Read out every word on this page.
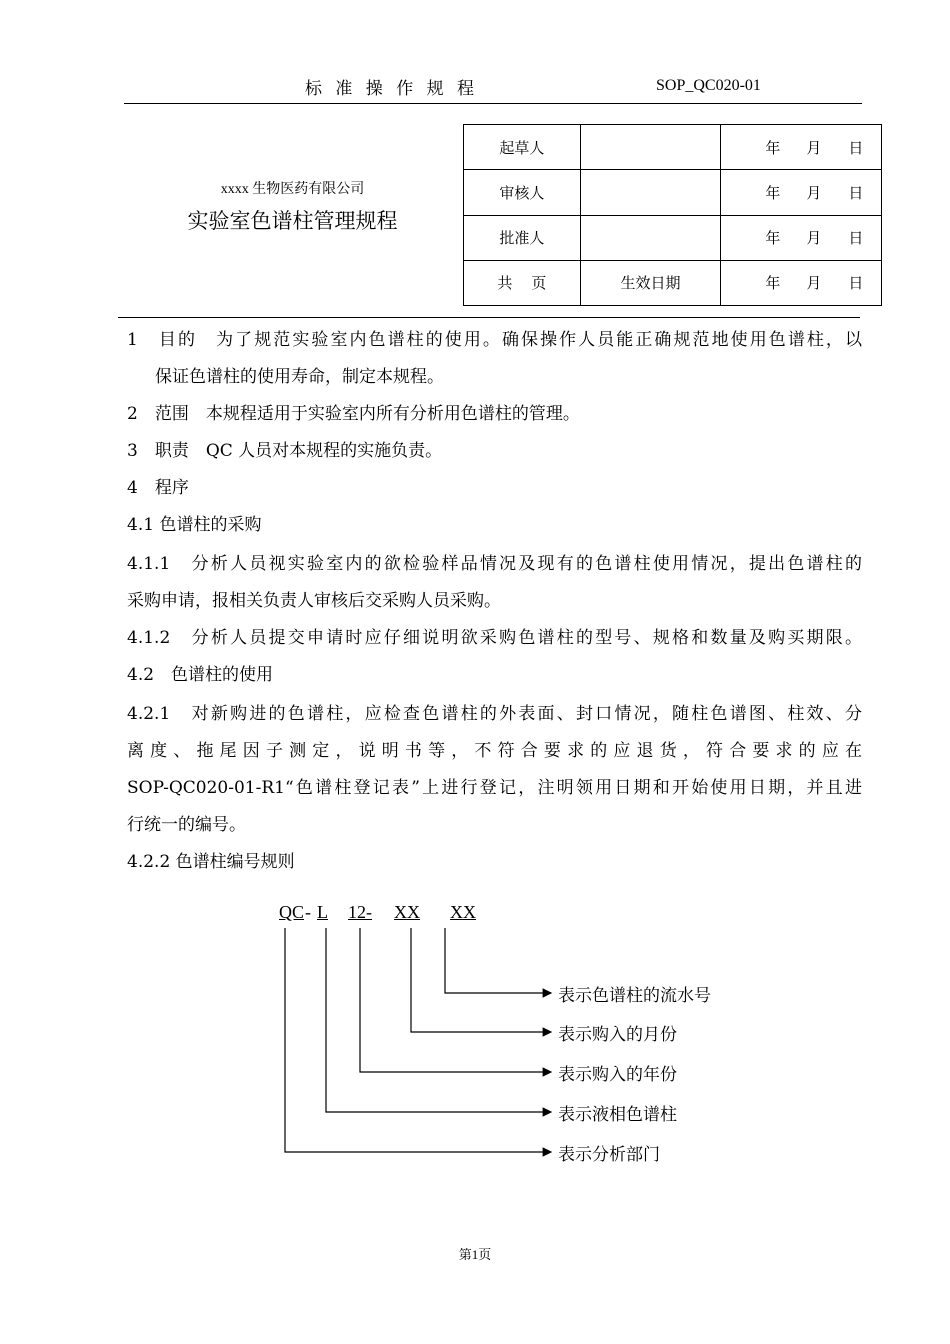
标 准 操 作 规 程	SOP_QC020-01
xxxx 生物医药有限公司
实验室色谱柱管理规程
起草人		年 月 日
审核人		年 月 日
批准人		年 月 日
共    页	生效日期	年 月 日
1　目的　为了规范实验室内色谱柱的使用。确保操作人员能正确规范地使用色谱柱，以
保证色谱柱的使用寿命，制定本规程。
2　范围　本规程适用于实验室内所有分析用色谱柱的管理。
3　职责　QC 人员对本规程的实施负责。
4　程序
4.1 色谱柱的采购
4.1.1　分析人员视实验室内的欲检验样品情况及现有的色谱柱使用情况，提出色谱柱的
采购申请，报相关负责人审核后交采购人员采购。
4.1.2　分析人员提交申请时应仔细说明欲采购色谱柱的型号、规格和数量及购买期限。
4.2　色谱柱的使用
4.2.1　对新购进的色谱柱，应检查色谱柱的外表面、封口情况，随柱色谱图、柱效、分
离度、拖尾因子测定，说明书等，不符合要求的应退货，符合要求的应在
SOP-QC020-01-R1“色谱柱登记表”上进行登记，注明领用日期和开始使用日期，并且进
行统一的编号。
4.2.2 色谱柱编号规则
QC - L 12- XX XX
表示色谱柱的流水号
表示购入的月份
表示购入的年份
表示液相色谱柱
表示分析部门
第1页
